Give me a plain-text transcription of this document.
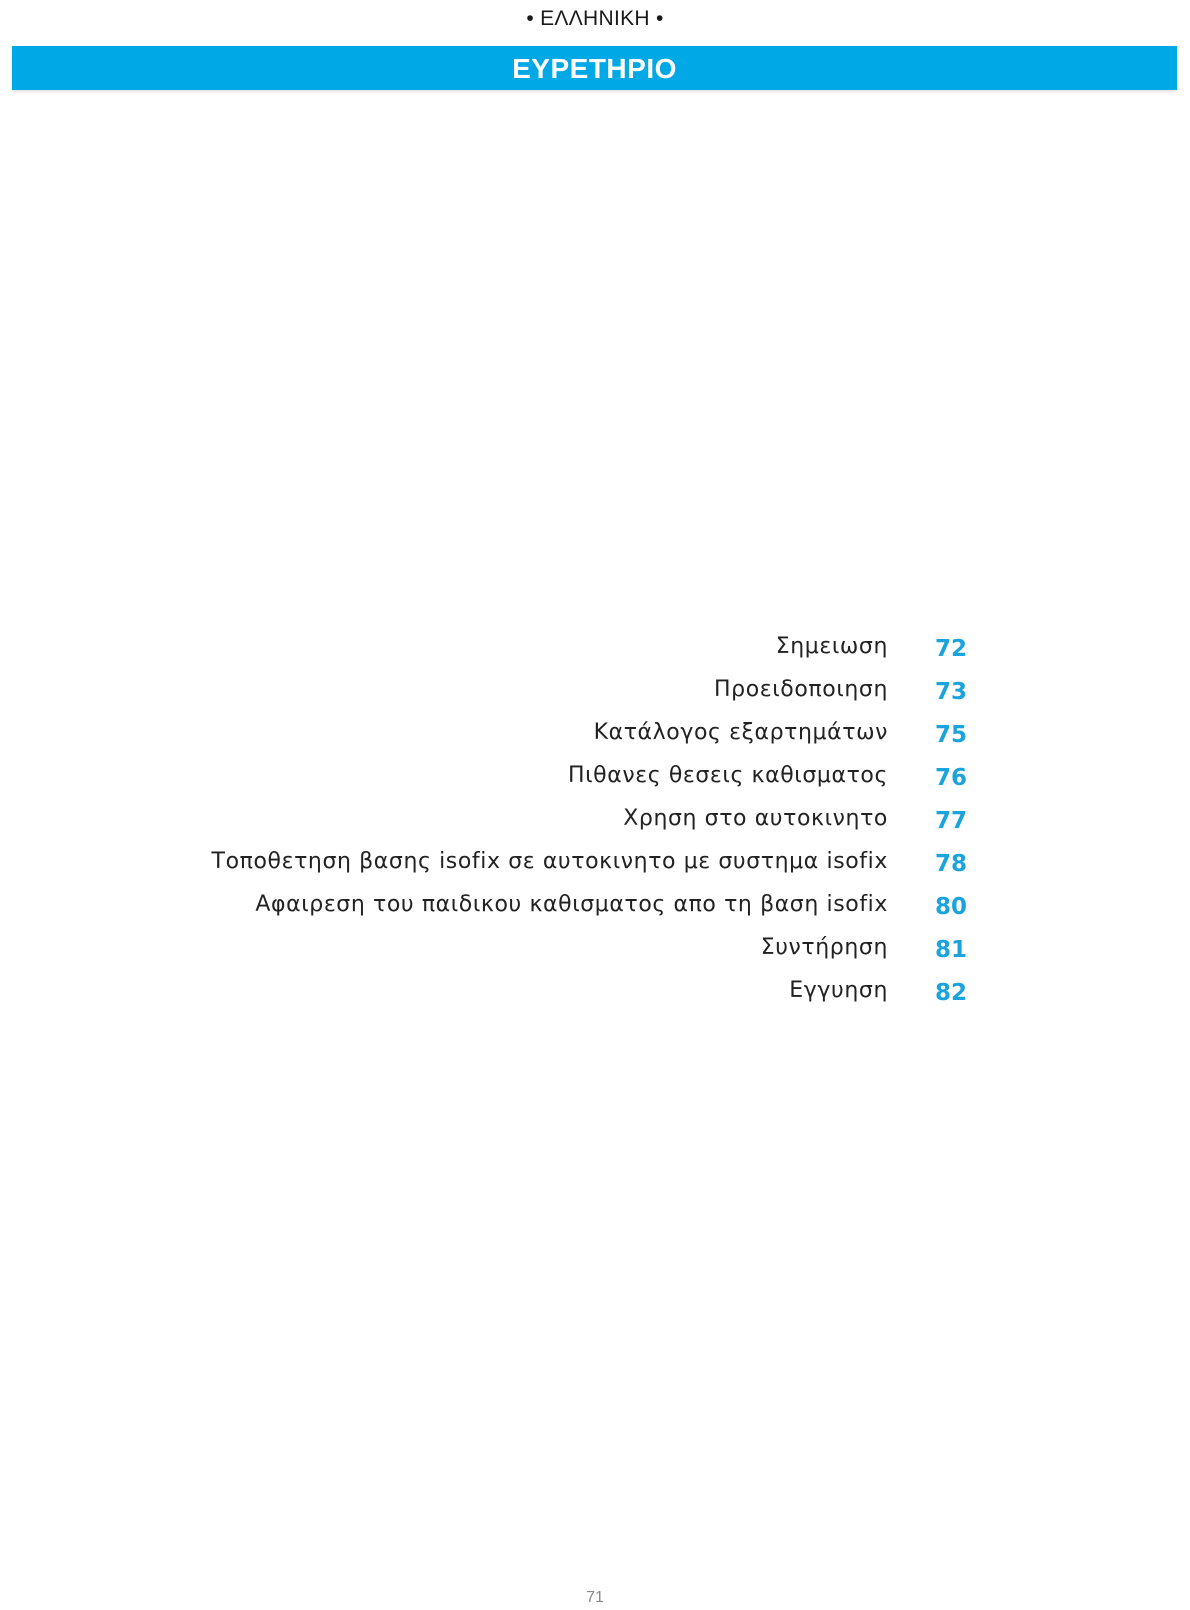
• ΕΛΛΗΝΙΚΗ •
ΕΥΡΕΤΗΡΙΟ
Σημειωση 72
Προειδοποιηση 73
Κατάλογος εξαρτημάτων 75
Πιθανες θεσεις καθισματος 76
Χρηση στο αυτοκινητο 77
Τοποθετηση βασης isofix σε αυτοκινητο με συστημα isofix 78
Αφαιρεση του παιδικου καθισματος απο τη βαση isofix 80
Συντήρηση 81
Εγγυηση 82
71
